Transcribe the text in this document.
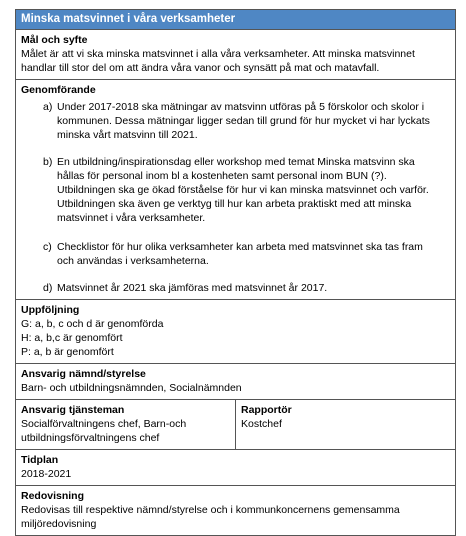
Minska matsvinnet i våra verksamheter
Mål och syfte
Målet är att vi ska minska matsvinnet i alla våra verksamheter. Att minska matsvinnet handlar till stor del om att ändra våra vanor och synsätt på mat och matavfall.
Genomförande
a) Under 2017-2018 ska mätningar av matsvinn utföras på 5 förskolor och skolor i kommunen. Dessa mätningar ligger sedan till grund för hur mycket vi har lyckats minska vårt matsvinn till 2021.
b) En utbildning/inspirationsdag eller workshop med temat Minska matsvinn ska hållas för personal inom bl a kostenheten samt personal inom BUN (?). Utbildningen ska ge ökad förståelse för hur vi kan minska matsvinnet och varför. Utbildningen ska även ge verktyg till hur kan arbeta praktiskt med att minska matsvinnet i våra verksamheter.
c) Checklistor för hur olika verksamheter kan arbeta med matsvinnet ska tas fram och användas i verksamheterna.
d) Matsvinnet år 2021 ska jämföras med matsvinnet år 2017.
Uppföljning
G: a, b, c och d är genomförda
H: a, b,c är genomfört
P: a, b är genomfört
Ansvarig nämnd/styrelse
Barn- och utbildningsnämnden, Socialnämnden
Ansvarig tjänsteman
Socialförvaltningens chef, Barn-och utbildningsförvaltningens chef
Rapportör
Kostchef
Tidplan
2018-2021
Redovisning
Redovisas till respektive nämnd/styrelse och i kommunkoncernens gemensamma miljöredovisning
